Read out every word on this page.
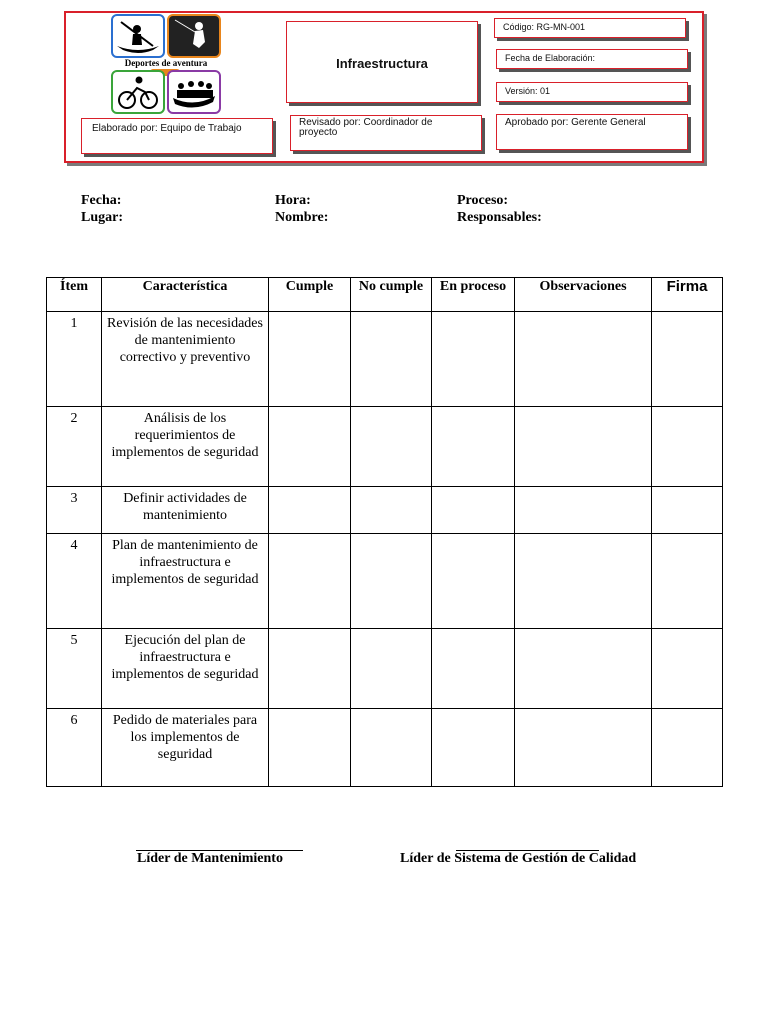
Deportes de aventura	Infraestructura
Código: RG-MN-001
Fecha de Elaboración:
Versión: 01
Elaborado por: Equipo de Trabajo
Revisado por: Coordinador de proyecto
Aprobado por: Gerente General
Fecha:
Lugar:
Hora:
Nombre:
Proceso:
Responsables:
Ítem	Característica	Cumple	No cumple	En proceso	Observaciones	Firma
1	Revisión de las necesidades de mantenimiento correctivo y preventivo					
2	Análisis de los requerimientos de implementos de seguridad					
3	Definir actividades de mantenimiento					
4	Plan de mantenimiento de infraestructura e implementos de seguridad					
5	Ejecución del plan de infraestructura e implementos de seguridad					
6	Pedido de materiales para los implementos de seguridad					
Líder de Mantenimiento	Líder de Sistema de Gestión de Calidad
